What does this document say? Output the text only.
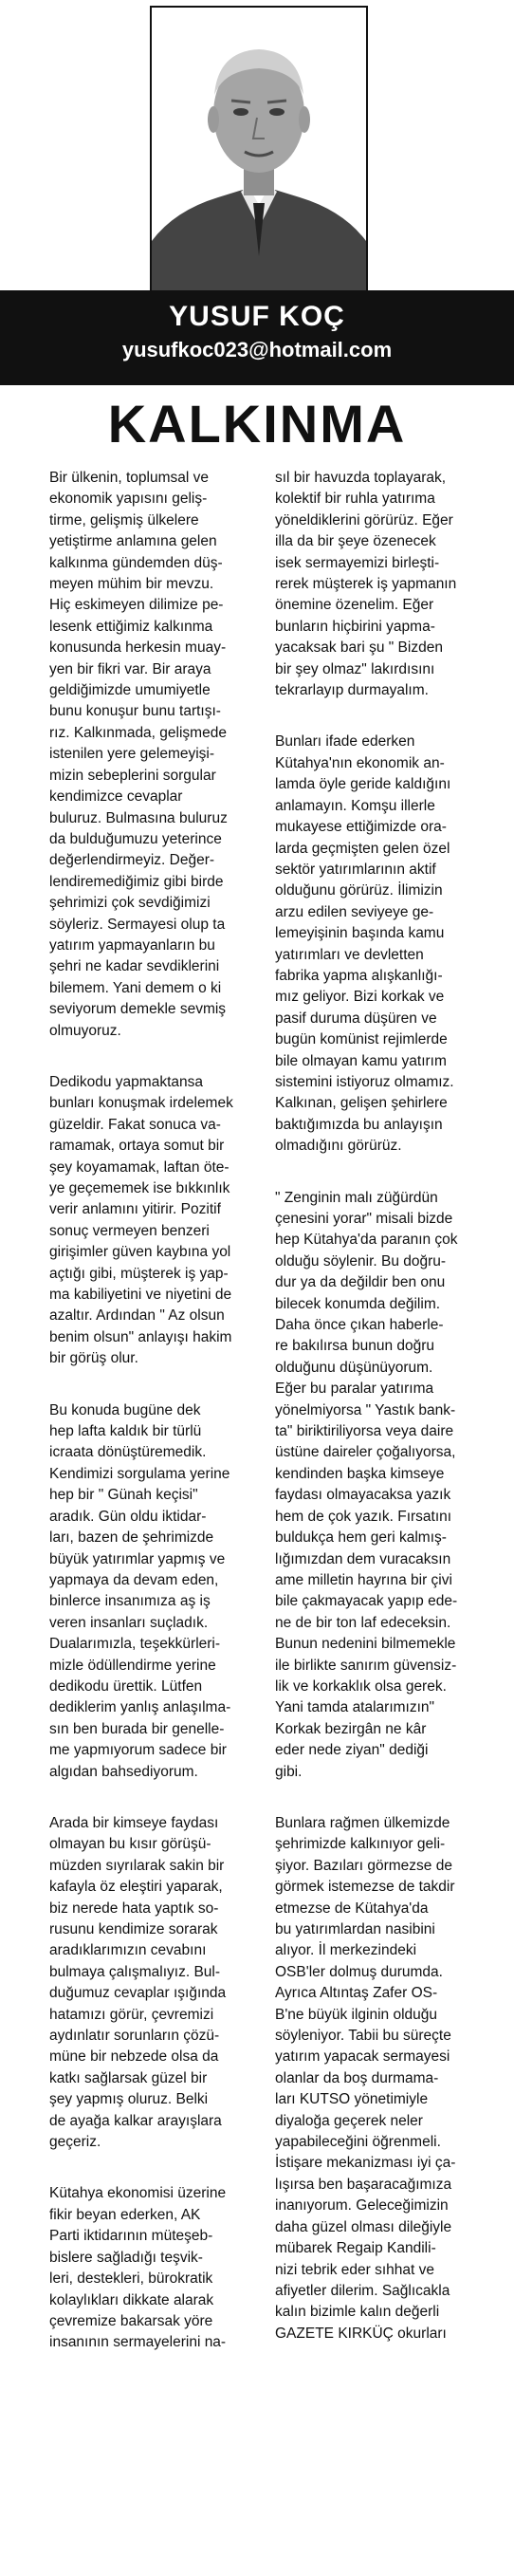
YUSUF KOÇ
yusufkoc023@hotmail.com
KALKINMA

Bir ülkenin, toplumsal ve
ekonomik yapısını geliş-
tirme, gelişmiş ülkelere
yetiştirme anlamına gelen
kalkınma gündemden düş-
meyen mühim bir mevzu.
Hiç eskimeyen dilimize pe-
lesenk ettiğimiz kalkınma
konusunda herkesin muay-
yen bir fikri var. Bir araya
geldiğimizde umumiyetle
bunu konuşur bunu tartışı-
rız. Kalkınmada, gelişmede
istenilen yere gelemeyişi-
mizin sebeplerini sorgular
kendimizce cevaplar
buluruz. Bulmasına buluruz
da bulduğumuzu yeterince
değerlendirmeyiz. Değer-
lendiremediğimiz gibi birde
şehrimizi çok sevdiğimizi
söyleriz. Sermayesi olup ta
yatırım yapmayanların bu
şehri ne kadar sevdiklerini
bilemem. Yani demem o ki
seviyorum demekle sevmiş
olmuyoruz.

Dedikodu yapmaktansa
bunları konuşmak irdelemek
güzeldir. Fakat sonuca va-
ramamak, ortaya somut bir
şey koyamamak, laftan öte-
ye geçememek ise bıkkınlık
verir anlamını yitirir. Pozitif
sonuç vermeyen benzeri
girişimler güven kaybına yol
açtığı gibi, müşterek iş yap-
ma kabiliyetini ve niyetini de
azaltır. Ardından " Az olsun
benim olsun" anlayışı hakim
bir görüş olur.

Bu konuda bugüne dek
hep lafta kaldık bir türlü
icraata dönüştüremedik.
Kendimizi sorgulama yerine
hep bir " Günah keçisi"
aradık. Gün oldu iktidar-
ları, bazen de şehrimizde
büyük yatırımlar yapmış ve
yapmaya da devam eden,
binlerce insanımıza aş iş
veren insanları suçladık.
Dualarımızla, teşekkürleri-
mizle ödüllendirme yerine
dedikodu ürettik. Lütfen
dediklerim yanlış anlaşılma-
sın ben burada bir genelle-
me yapmıyorum sadece bir
algıdan bahsediyorum.

Arada bir kimseye faydası
olmayan bu kısır görüşü-
müzden sıyrılarak sakin bir
kafayla öz eleştiri yaparak,
biz nerede hata yaptık so-
rusunu kendimize sorarak
aradıklarımızın cevabını
bulmaya çalışmalıyız. Bul-
duğumuz cevaplar ışığında
hatamızı görür, çevremizi
aydınlatır sorunların çözü-
müne bir nebzede olsa da
katkı sağlarsak güzel bir
şey yapmış oluruz. Belki
de ayağa kalkar arayışlara
geçeriz.

Kütahya ekonomisi üzerine
fikir beyan ederken, AK
Parti iktidarının müteşeb-
bislere sağladığı teşvik-
leri, destekleri, bürokratik
kolaylıkları dikkate alarak
çevremize bakarsak yöre
insanının sermayelerini na-

sıl bir havuzda toplayarak,
kolektif bir ruhla yatırıma
yöneldiklerini görürüz. Eğer
illa da bir şeye özenecek
isek sermayemizi birleşti-
rerek müşterek iş yapmanın
önemine özenelim. Eğer
bunların hiçbirini yapma-
yacaksak bari şu " Bizden
bir şey olmaz" lakırdısını
tekrarlayıp durmayalım.

Bunları ifade ederken
Kütahya'nın ekonomik an-
lamda öyle geride kaldığını
anlamayın. Komşu illerle
mukayese ettiğimizde ora-
larda geçmişten gelen özel
sektör yatırımlarının aktif
olduğunu görürüz. İlimizin
arzu edilen seviyeye ge-
lemeyişinin başında kamu
yatırımları ve devletten
fabrika yapma alışkanlığı-
mız geliyor. Bizi korkak ve
pasif duruma düşüren ve
bugün komünist rejimlerde
bile olmayan kamu yatırım
sistemini istiyoruz olmamız.
Kalkınan, gelişen şehirlere
baktığımızda bu anlayışın
olmadığını görürüz.

" Zenginin malı züğürdün
çenesini yorar" misali bizde
hep Kütahya'da paranın çok
olduğu söylenir. Bu doğru-
dur ya da değildir ben onu
bilecek konumda değilim.
Daha önce çıkan haberle-
re bakılırsa bunun doğru
olduğunu düşünüyorum.
Eğer bu paralar yatırıma
yönelmiyorsa " Yastık bank-
ta" biriktiriliyorsa veya daire
üstüne daireler çoğalıyorsa,
kendinden başka kimseye
faydası olmayacaksa yazık
hem de çok yazık. Fırsatını
buldukça hem geri kalmış-
lığımızdan dem vuracaksın
ame milletin hayrına bir çivi
bile çakmayacak yapıp ede-
ne de bir ton laf edeceksin.
Bunun nedenini bilmemekle
ile birlikte sanırım güvensiz-
lik ve korkaklık olsa gerek.
Yani tamda atalarımızın"
Korkak bezirgân ne kâr
eder nede ziyan" dediği
gibi.

Bunlara rağmen ülkemizde
şehrimizde kalkınıyor geli-
şiyor. Bazıları görmezse de
görmek istemezse de takdir
etmezse de Kütahya'da
bu yatırımlardan nasibini
alıyor. İl merkezindeki
OSB'ler dolmuş durumda.
Ayrıca Altıntaş Zafer OS-
B'ne büyük ilginin olduğu
söyleniyor. Tabii bu süreçte
yatırım yapacak sermayesi
olanlar da boş durmama-
ları KUTSO yönetimiyle
diyaloğa geçerek neler
yapabileceğini öğrenmeli.
İstişare mekanizması iyi ça-
lışırsa ben başaracağımıza
inanıyorum. Geleceğimizin
daha güzel olması dileğiyle
mübarek Regaip Kandili-
nizi tebrik eder sıhhat ve
afiyetler dilerim. Sağlıcakla
kalın bizimle kalın değerli
GAZETE KIRKÜÇ okurları
